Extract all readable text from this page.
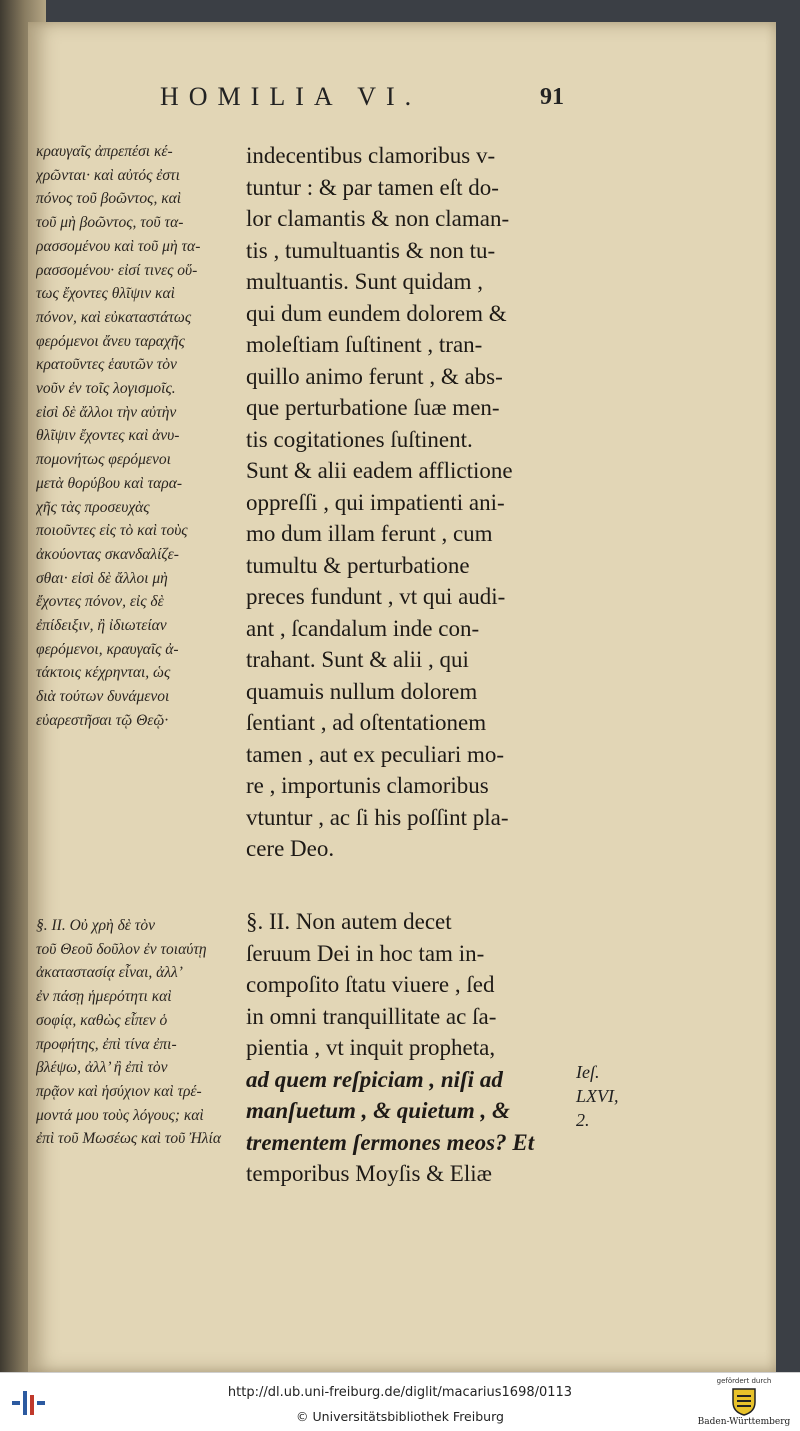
HOMILIA VI.	91
κραυγαῖς ἀπρεπέσι κέ-
χρῶνται· καὶ αὐτός ἐστι
πόνος τοῦ βοῶντος, καὶ
τοῦ μὴ βοῶντος, τοῦ τα-
ρασσομένου καὶ τοῦ μὴ τα-
ρασσομένου· εἰσί τινες οὕ-
τως ἔχοντες θλῖψιν καὶ
πόνον, καὶ εὐκαταστάτως
φερόμενοι ἄνευ ταραχῆς
κρατοῦντες ἑαυτῶν τὸν
νοῦν ἐν τοῖς λογισμοῖς.
εἰσὶ δὲ ἄλλοι τὴν αὐτὴν
θλῖψιν ἔχοντες καὶ ἀνυ-
πομονήτως φερόμενοι
μετὰ θορύβου καὶ ταρα-
χῆς τὰς προσευχὰς
ποιοῦντες εἰς τὸ καὶ τοὺς
ἀκούοντας σκανδαλίζε-
σθαι· εἰσὶ δὲ ἄλλοι μὴ
ἔχοντες πόνον, εἰς δὲ
ἐπίδειξιν, ἢ ἰδιωτείαν
φερόμενοι, κραυγαῖς ἀ-
τάκτοις κέχρηνται, ὡς
διὰ τούτων δυνάμενοι
εὐαρεστῆσαι τῷ Θεῷ·
§. II. Οὐ χρὴ δὲ τὸν
τοῦ Θεοῦ δοῦλον ἐν τοιαύτῃ
ἀκαταστασίᾳ εἶναι, ἀλλ’
ἐν πάσῃ ἡμερότητι καὶ
σοφίᾳ, καθὼς εἶπεν ὁ
προφήτης, ἐπὶ τίνα ἐπι-
βλέψω, ἀλλ’ ἢ ἐπὶ τὸν
πρᾷον καὶ ἡσύχιον καὶ τρέ-
μοντά μου τοὺς λόγους; καὶ
ἐπὶ τοῦ Μωσέως καὶ τοῦ Ἠλία
indecentibus clamoribus v-
tuntur : & par tamen eſt do-
lor clamantis & non claman-
tis , tumultuantis & non tu-
multuantis. Sunt quidam ,
qui dum eundem dolorem &
moleſtiam ſuſtinent , tran-
quillo animo ferunt , & abs-
que perturbatione ſuæ men-
tis cogitationes ſuſtinent.
Sunt & alii eadem afflictione
oppreſſi , qui impatienti ani-
mo dum illam ferunt , cum
tumultu & perturbatione
preces fundunt , vt qui audi-
ant , ſcandalum inde con-
trahant. Sunt & alii , qui
quamuis nullum dolorem
ſentiant , ad oſtentationem
tamen , aut ex peculiari mo-
re , importunis clamoribus
vtuntur , ac ſi his poſſint pla-
cere Deo.
§. II. Non autem decet
ſeruum Dei in hoc tam in-
compoſito ſtatu viuere , ſed
in omni tranquillitate ac ſa-
pientia , vt inquit propheta,
ad quem reſpiciam , niſi ad
manſuetum , & quietum , &
trementem ſermones meos? Et
temporibus Moyſis & Eliæ
Ieſ.
LXVI,
2.
http://dl.ub.uni-freiburg.de/diglit/macarius1698/0113
© Universitätsbibliothek Freiburg
gefördert durch
Baden-Württemberg
